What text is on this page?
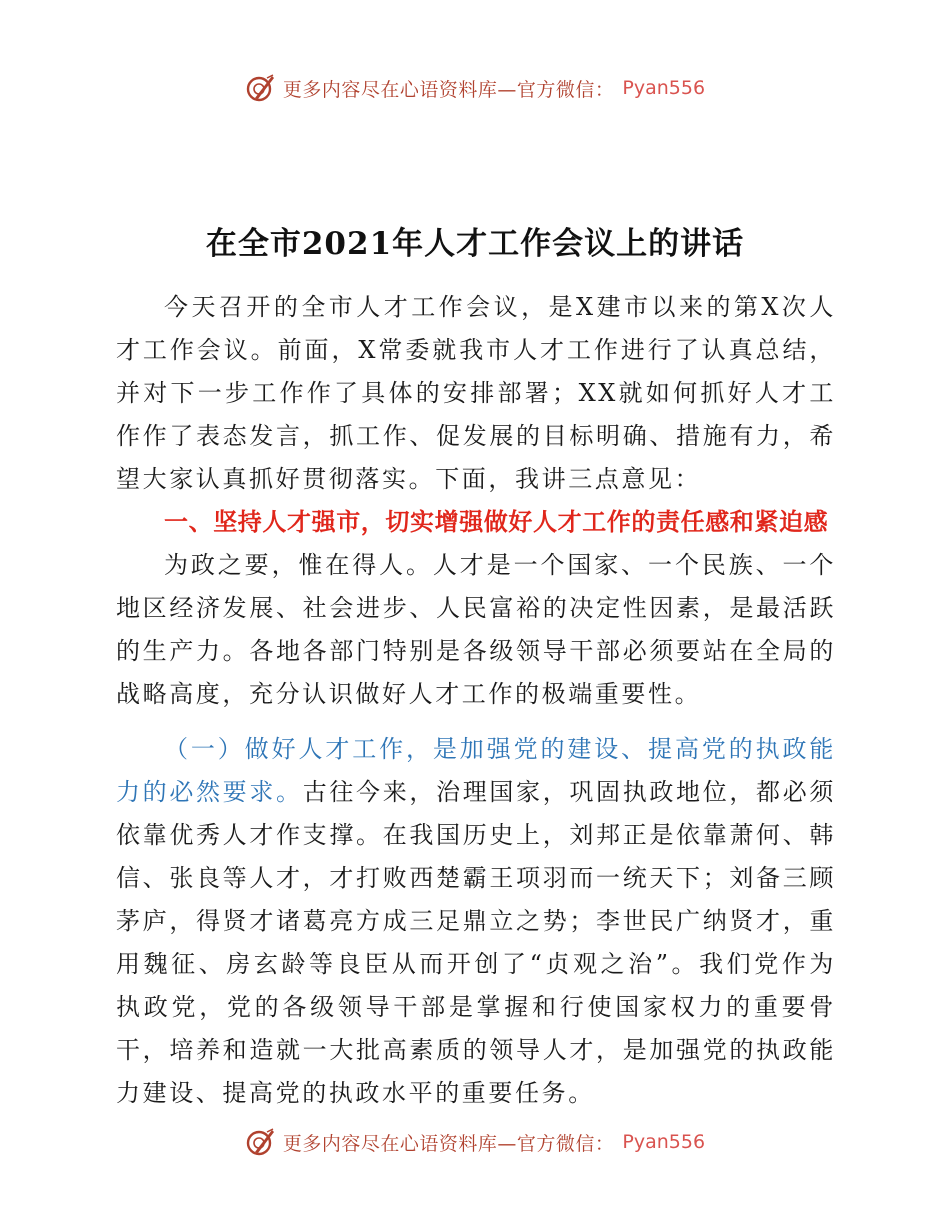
更多内容尽在心语资料库—官方微信： Pyan556
在全市2021年人才工作会议上的讲话

今天召开的全市人才工作会议，是X建市以来的第X次人才工作会议。前面，X常委就我市人才工作进行了认真总结，并对下一步工作作了具体的安排部署；XX就如何抓好人才工作作了表态发言，抓工作、促发展的目标明确、措施有力，希望大家认真抓好贯彻落实。下面，我讲三点意见：

一、坚持人才强市，切实增强做好人才工作的责任感和紧迫感

为政之要，惟在得人。人才是一个国家、一个民族、一个地区经济发展、社会进步、人民富裕的决定性因素，是最活跃的生产力。各地各部门特别是各级领导干部必须要站在全局的战略高度，充分认识做好人才工作的极端重要性。

（一）做好人才工作，是加强党的建设、提高党的执政能力的必然要求。古往今来，治理国家，巩固执政地位，都必须依靠优秀人才作支撑。在我国历史上，刘邦正是依靠萧何、韩信、张良等人才，才打败西楚霸王项羽而一统天下；刘备三顾茅庐，得贤才诸葛亮方成三足鼎立之势；李世民广纳贤才，重用魏征、房玄龄等良臣从而开创了“贞观之治”。我们党作为执政党，党的各级领导干部是掌握和行使国家权力的重要骨干，培养和造就一大批高素质的领导人才，是加强党的执政能力建设、提高党的执政水平的重要任务。

更多内容尽在心语资料库—官方微信： Pyan556
